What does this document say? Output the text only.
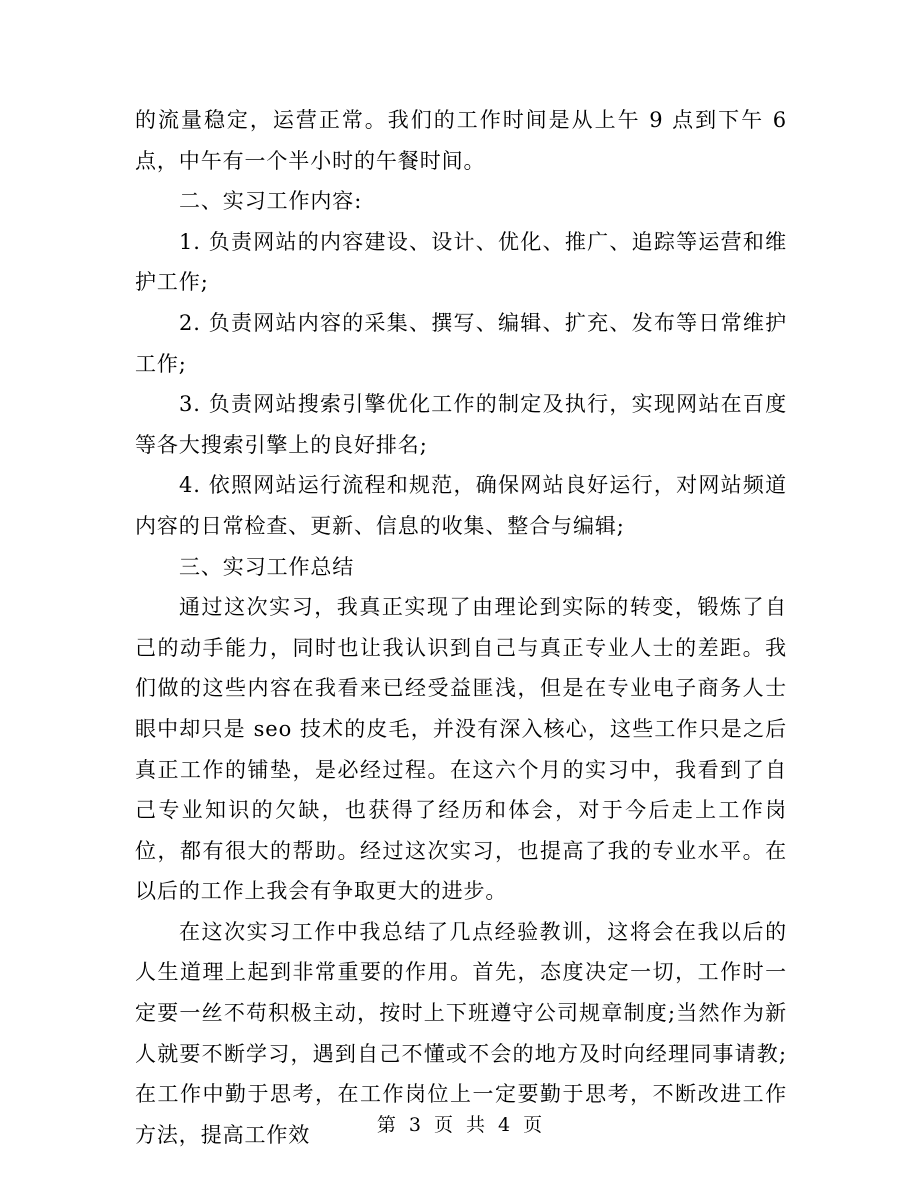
的流量稳定，运营正常。我们的工作时间是从上午 9 点到下午 6 点，中午有一个半小时的午餐时间。

二、实习工作内容:

1. 负责网站的内容建设、设计、优化、推广、追踪等运营和维护工作;

2. 负责网站内容的采集、撰写、编辑、扩充、发布等日常维护工作;

3. 负责网站搜索引擎优化工作的制定及执行，实现网站在百度等各大搜索引擎上的良好排名;

4. 依照网站运行流程和规范，确保网站良好运行，对网站频道内容的日常检查、更新、信息的收集、整合与编辑;

三、实习工作总结

通过这次实习，我真正实现了由理论到实际的转变，锻炼了自己的动手能力，同时也让我认识到自己与真正专业人士的差距。我们做的这些内容在我看来已经受益匪浅，但是在专业电子商务人士眼中却只是 seo 技术的皮毛，并没有深入核心，这些工作只是之后真正工作的铺垫，是必经过程。在这六个月的实习中，我看到了自己专业知识的欠缺，也获得了经历和体会，对于今后走上工作岗位，都有很大的帮助。经过这次实习，也提高了我的专业水平。在以后的工作上我会有争取更大的进步。

在这次实习工作中我总结了几点经验教训，这将会在我以后的人生道理上起到非常重要的作用。首先，态度决定一切，工作时一定要一丝不苟积极主动，按时上下班遵守公司规章制度;当然作为新人就要不断学习，遇到自己不懂或不会的地方及时向经理同事请教;在工作中勤于思考，在工作岗位上一定要勤于思考，不断改进工作方法，提高工作效	第 3 页 共 4 页
